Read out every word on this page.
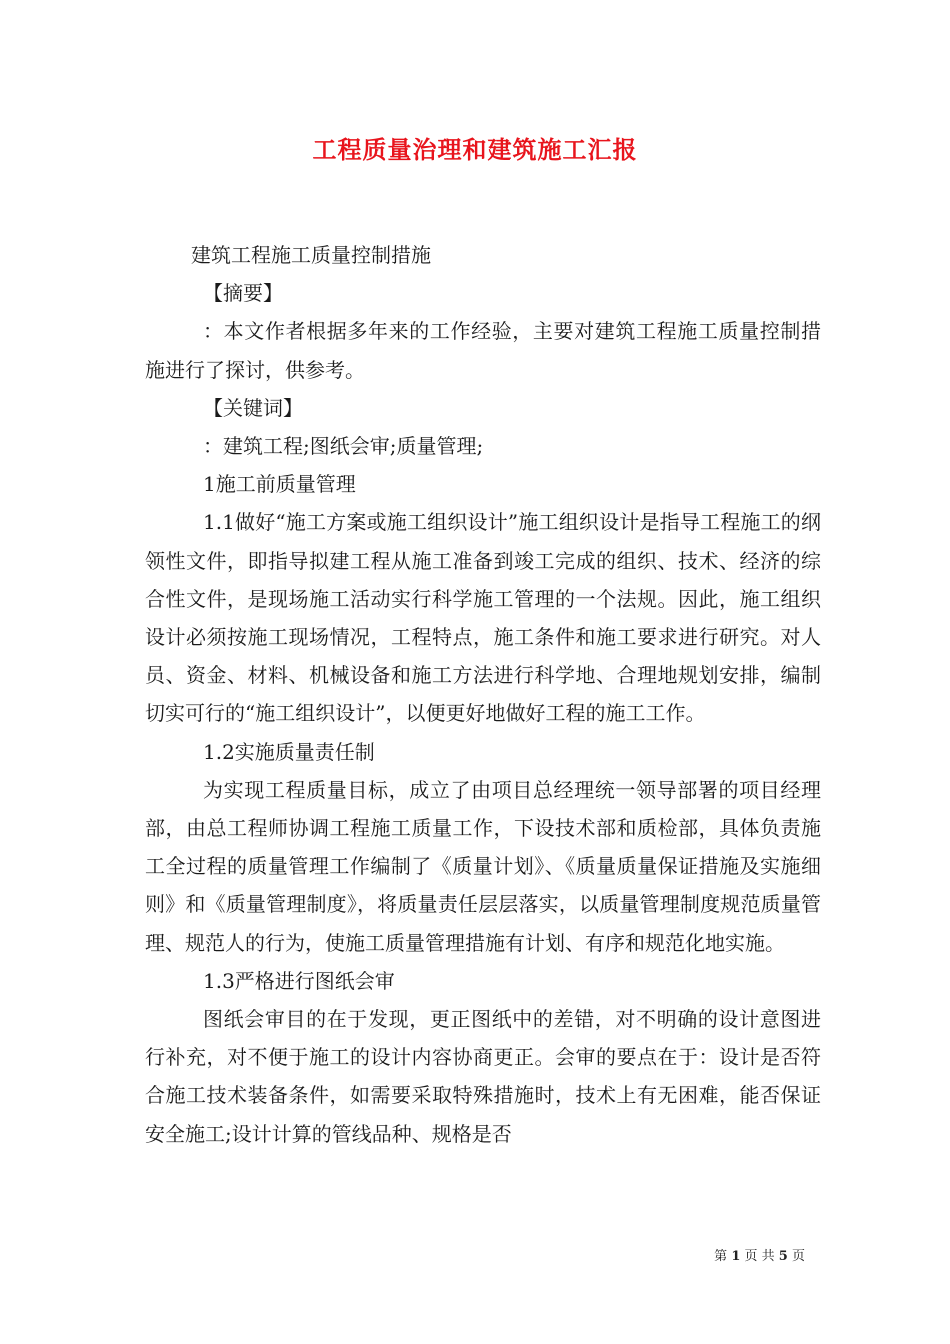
工程质量治理和建筑施工汇报

建筑工程施工质量控制措施

【摘要】

：本文作者根据多年来的工作经验，主要对建筑工程施工质量控制措施进行了探讨，供参考。

【关键词】

：建筑工程;图纸会审;质量管理;

1施工前质量管理

1.1做好“施工方案或施工组织设计”施工组织设计是指导工程施工的纲领性文件，即指导拟建工程从施工准备到竣工完成的组织、技术、经济的综合性文件，是现场施工活动实行科学施工管理的一个法规。因此，施工组织设计必须按施工现场情况，工程特点，施工条件和施工要求进行研究。对人员、资金、材料、机械设备和施工方法进行科学地、合理地规划安排，编制切实可行的“施工组织设计”，以便更好地做好工程的施工工作。

1.2实施质量责任制

为实现工程质量目标，成立了由项目总经理统一领导部署的项目经理部，由总工程师协调工程施工质量工作，下设技术部和质检部，具体负责施工全过程的质量管理工作编制了《质量计划》、《质量质量保证措施及实施细则》和《质量管理制度》，将质量责任层层落实，以质量管理制度规范质量管理、规范人的行为，使施工质量管理措施有计划、有序和规范化地实施。

1.3严格进行图纸会审

图纸会审目的在于发现，更正图纸中的差错，对不明确的设计意图进行补充，对不便于施工的设计内容协商更正。会审的要点在于：设计是否符合施工技术装备条件，如需要采取特殊措施时，技术上有无困难，能否保证安全施工;设计计算的管线品种、规格是否

第 1 页 共 5 页
